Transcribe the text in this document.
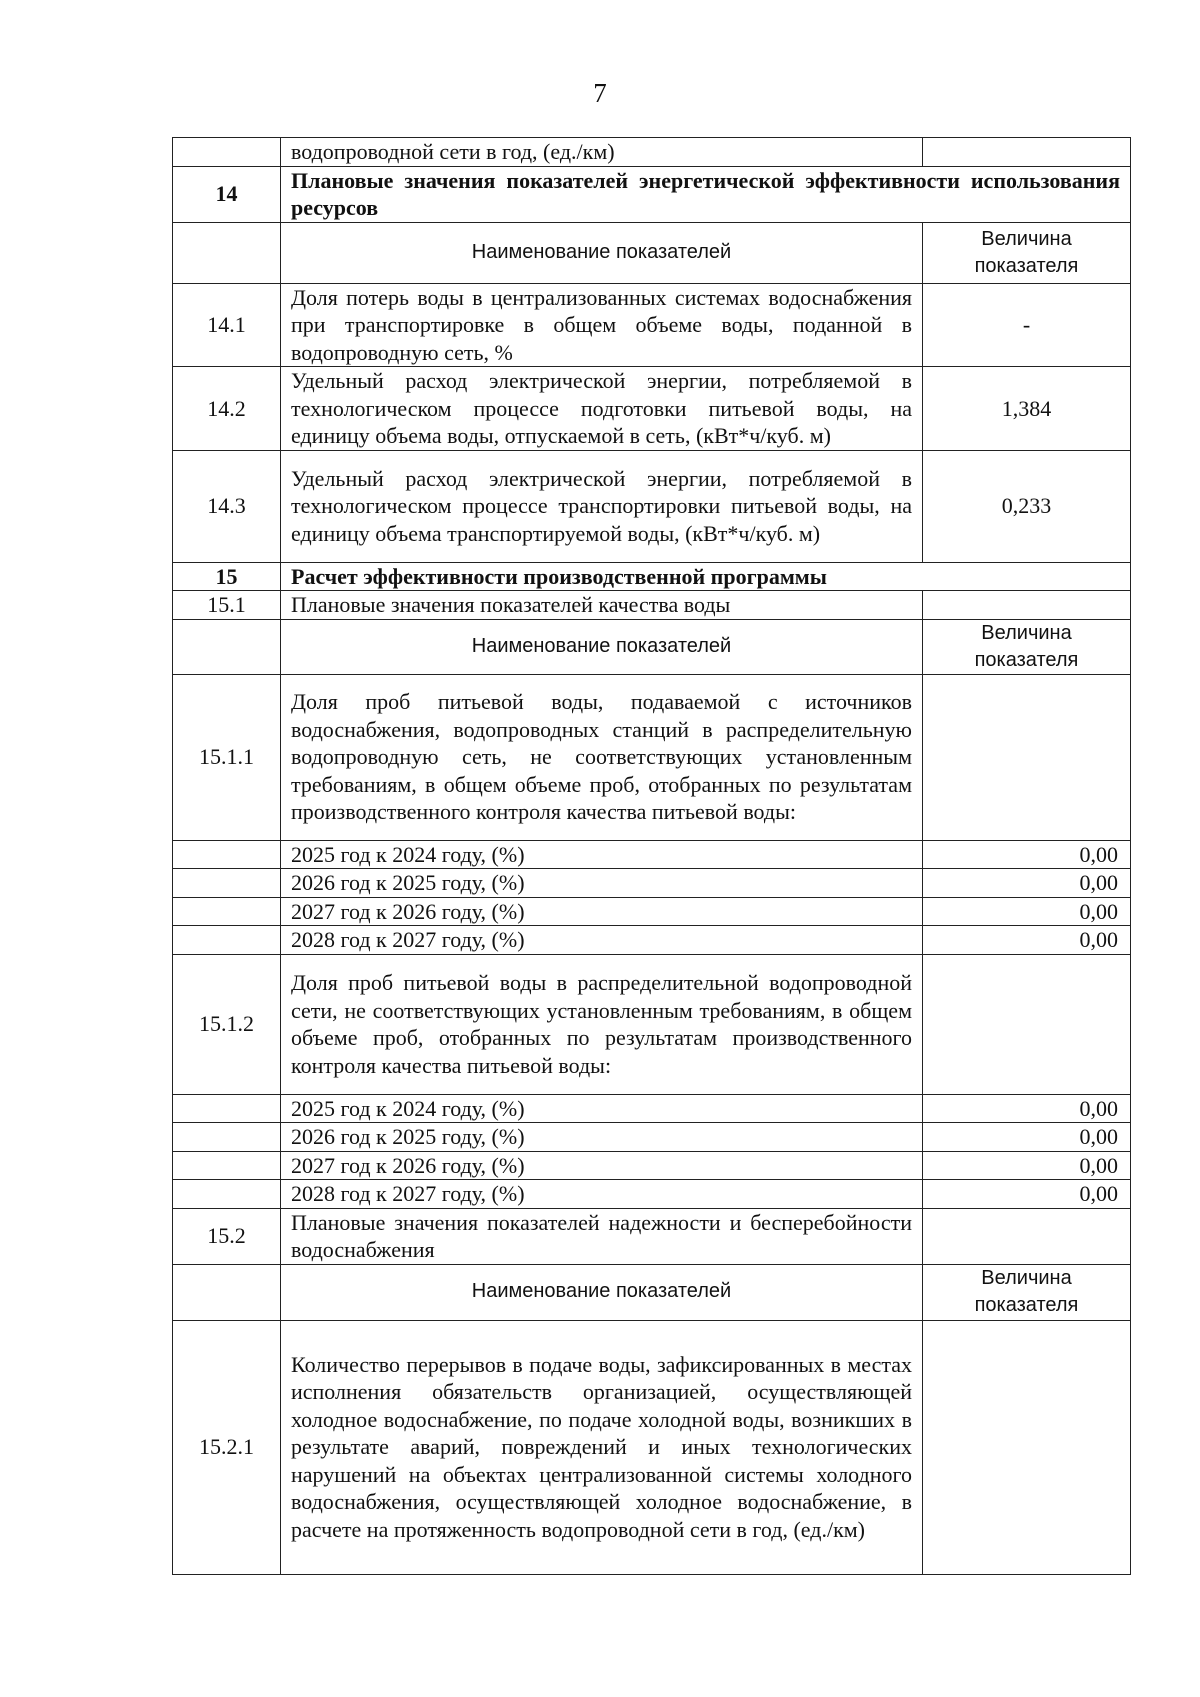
7
	водопроводной сети в год, (ед./км)	
14	Плановые значения показателей энергетической эффективности использования ресурсов	
	Наименование показателей	Величина показателя
14.1	Доля потерь воды в централизованных системах водоснабжения при транспортировке в общем объеме воды, поданной в водопроводную сеть, %	-
14.2	Удельный расход электрической энергии, потребляемой в технологическом процессе подготовки питьевой воды, на единицу объема воды, отпускаемой в сеть, (кВт*ч/куб. м)	1,384
14.3	Удельный расход электрической энергии, потребляемой в технологическом процессе транспортировки питьевой воды, на единицу объема транспортируемой воды, (кВт*ч/куб. м)	0,233
15	Расчет эффективности производственной программы	
15.1	Плановые значения показателей качества воды	
	Наименование показателей	Величина показателя
15.1.1	Доля проб питьевой воды, подаваемой с источников водоснабжения, водопроводных станций в распределительную водопроводную сеть, не соответствующих установленным требованиям, в общем объеме проб, отобранных по результатам производственного контроля качества питьевой воды:	
	2025 год к 2024 году, (%)	0,00
	2026 год к 2025 году, (%)	0,00
	2027 год к 2026 году, (%)	0,00
	2028 год к 2027 году, (%)	0,00
15.1.2	Доля проб питьевой воды в распределительной водопроводной сети, не соответствующих установленным требованиям, в общем объеме проб, отобранных по результатам производственного контроля качества питьевой воды:	
	2025 год к 2024 году, (%)	0,00
	2026 год к 2025 году, (%)	0,00
	2027 год к 2026 году, (%)	0,00
	2028 год к 2027 году, (%)	0,00
15.2	Плановые значения показателей надежности и бесперебойности водоснабжения	
	Наименование показателей	Величина показателя
15.2.1	Количество перерывов в подаче воды, зафиксированных в местах исполнения обязательств организацией, осуществляющей холодное водоснабжение, по подаче холодной воды, возникших в результате аварий, повреждений и иных технологических нарушений на объектах централизованной системы холодного водоснабжения, осуществляющей холодное водоснабжение, в расчете на протяженность водопроводной сети в год, (ед./км)	
